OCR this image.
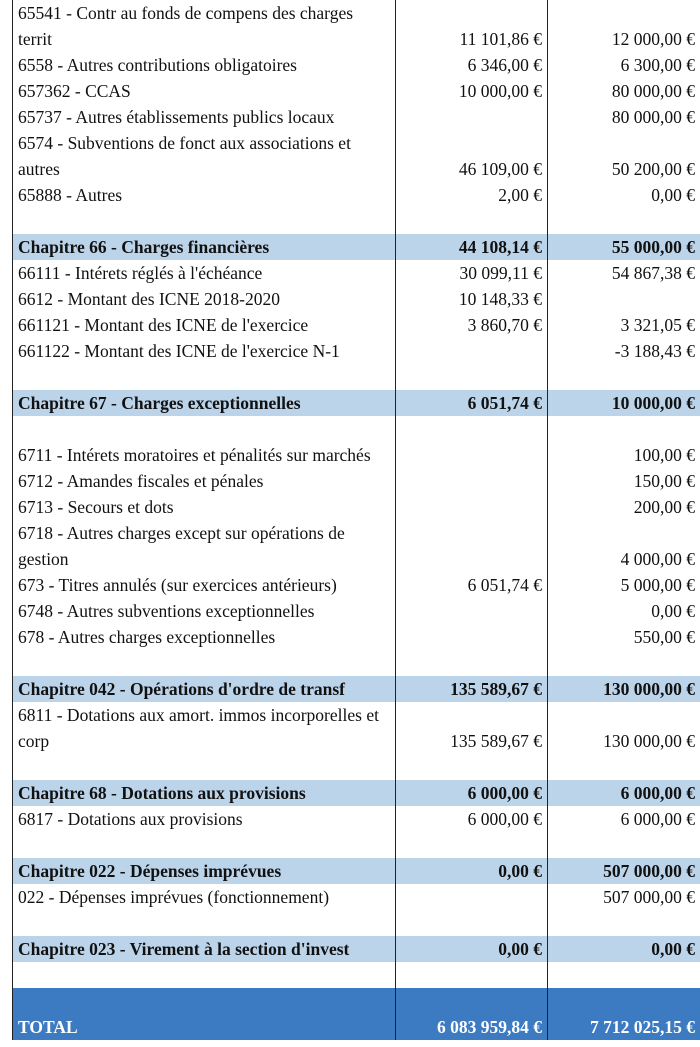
65541 - Contr au fonds de compens des charges territ	11 101,86 €	12 000,00 €
6558 - Autres contributions obligatoires	6 346,00 €	6 300,00 €
657362 - CCAS	10 000,00 €	80 000,00 €
65737 - Autres établissements publics locaux		80 000,00 €
6574 - Subventions de fonct aux associations et autres	46 109,00 €	50 200,00 €
65888 - Autres	2,00 €	0,00 €

Chapitre 66 - Charges financières	44 108,14 €	55 000,00 €
66111 - Intérets réglés à l'échéance	30 099,11 €	54 867,38 €
6612 - Montant des ICNE 2018-2020	10 148,33 €	
661121 - Montant des ICNE de l'exercice	3 860,70 €	3 321,05 €
661122 - Montant des ICNE de l'exercice N-1		-3 188,43 €

Chapitre 67 - Charges exceptionnelles	6 051,74 €	10 000,00 €
6711 - Intérets moratoires et pénalités sur marchés		100,00 €
6712 - Amandes fiscales et pénales		150,00 €
6713 - Secours et dots		200,00 €
6718 - Autres charges except sur opérations de gestion		4 000,00 €
673 - Titres annulés (sur exercices antérieurs)	6 051,74 €	5 000,00 €
6748 - Autres subventions exceptionnelles		0,00 €
678 - Autres charges exceptionnelles		550,00 €

Chapitre 042 - Opérations d'ordre de transf	135 589,67 €	130 000,00 €
6811 - Dotations aux amort. immos incorporelles et corp	135 589,67 €	130 000,00 €

Chapitre 68 - Dotations aux provisions	6 000,00 €	6 000,00 €
6817 - Dotations aux provisions	6 000,00 €	6 000,00 €

Chapitre 022 - Dépenses imprévues	0,00 €	507 000,00 €
022 - Dépenses imprévues (fonctionnement)		507 000,00 €

Chapitre 023 - Virement à la section d'invest	0,00 €	0,00 €

TOTAL	6 083 959,84 €	7 712 025,15 €
